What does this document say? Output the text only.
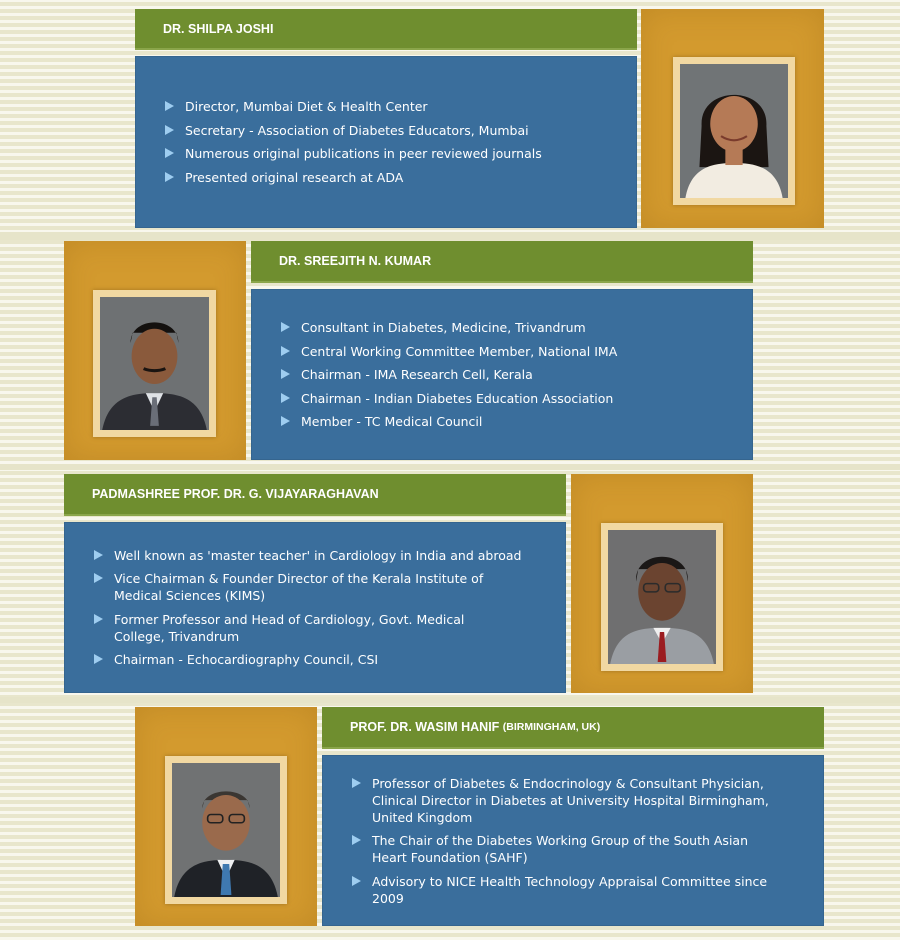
DR. SHILPA JOSHI
Director, Mumbai Diet & Health Center
Secretary - Association of Diabetes Educators, Mumbai
Numerous original publications in peer reviewed journals
Presented original research at ADA
DR. SREEJITH N. KUMAR
Consultant in Diabetes, Medicine, Trivandrum
Central Working Committee Member, National IMA
Chairman - IMA Research Cell, Kerala
Chairman - Indian Diabetes Education Association
Member - TC Medical Council
PADMASHREE PROF. DR. G. VIJAYARAGHAVAN
Well known as 'master teacher' in Cardiology in India and abroad
Vice Chairman & Founder Director of the Kerala Institute of Medical Sciences (KIMS)
Former Professor and Head of Cardiology, Govt. Medical College, Trivandrum
Chairman - Echocardiography Council, CSI
PROF. DR. WASIM HANIF
(BIRMINGHAM, UK)
Professor of Diabetes & Endocrinology & Consultant Physician, Clinical Director in Diabetes at University Hospital Birmingham, United Kingdom
The Chair of the Diabetes Working Group of the South Asian Heart Foundation (SAHF)
Advisory to NICE Health Technology Appraisal Committee since 2009
